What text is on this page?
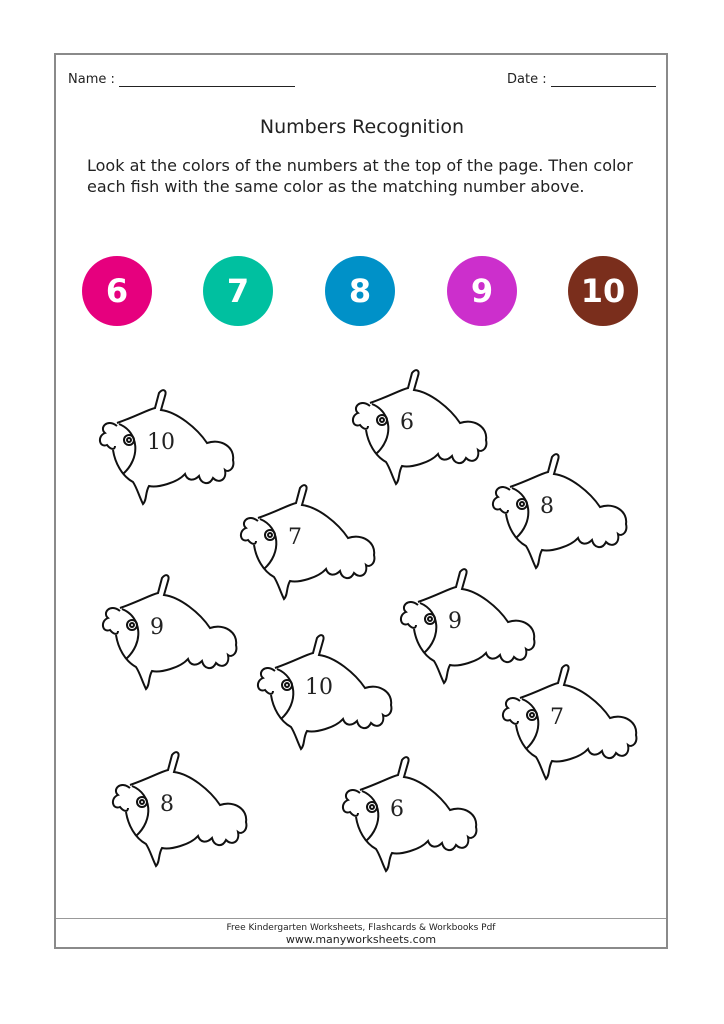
Name :	Date :
Numbers Recognition
Look at the colors of the numbers at the top of the page. Then color each fish with the same color as the matching number above.
6	7	8	9	10
10
6
8
7
9	9
10
7
8	6
Free Kindergarten Worksheets, Flashcards & Workbooks Pdf
www.manyworksheets.com
